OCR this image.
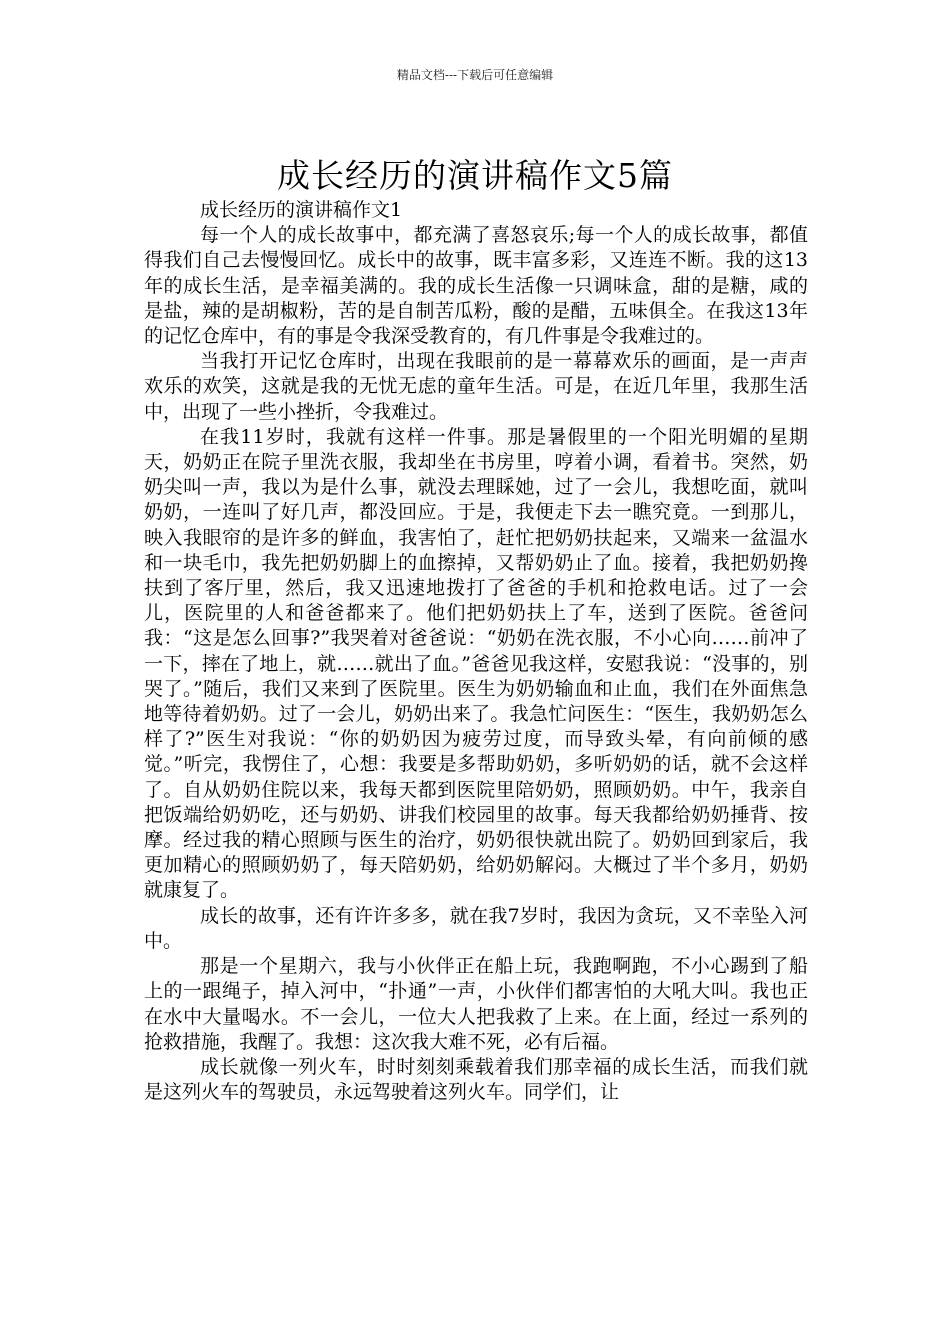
精品文档---下载后可任意编辑
成长经历的演讲稿作文5篇

成长经历的演讲稿作文1

每一个人的成长故事中，都充满了喜怒哀乐;每一个人的成长故事，都值得我们自己去慢慢回忆。成长中的故事，既丰富多彩，又连连不断。我的这13年的成长生活，是幸福美满的。我的成长生活像一只调味盒，甜的是糖，咸的是盐，辣的是胡椒粉，苦的是自制苦瓜粉，酸的是醋，五味俱全。在我这13年的记忆仓库中，有的事是令我深受教育的，有几件事是令我难过的。

当我打开记忆仓库时，出现在我眼前的是一幕幕欢乐的画面，是一声声欢乐的欢笑，这就是我的无忧无虑的童年生活。可是，在近几年里，我那生活中，出现了一些小挫折，令我难过。

在我11岁时，我就有这样一件事。那是暑假里的一个阳光明媚的星期天，奶奶正在院子里洗衣服，我却坐在书房里，哼着小调，看着书。突然，奶奶尖叫一声，我以为是什么事，就没去理睬她，过了一会儿，我想吃面，就叫奶奶，一连叫了好几声，都没回应。于是，我便走下去一瞧究竟。一到那儿，映入我眼帘的是许多的鲜血，我害怕了，赶忙把奶奶扶起来，又端来一盆温水和一块毛巾，我先把奶奶脚上的血擦掉，又帮奶奶止了血。接着，我把奶奶搀扶到了客厅里，然后，我又迅速地拨打了爸爸的手机和抢救电话。过了一会儿，医院里的人和爸爸都来了。他们把奶奶扶上了车，送到了医院。爸爸问我：“这是怎么回事?”我哭着对爸爸说：“奶奶在洗衣服，不小心向……前冲了一下，摔在了地上，就……就出了血。”爸爸见我这样，安慰我说：“没事的，别哭了。”随后，我们又来到了医院里。医生为奶奶输血和止血，我们在外面焦急地等待着奶奶。过了一会儿，奶奶出来了。我急忙问医生：“医生，我奶奶怎么样了?”医生对我说：“你的奶奶因为疲劳过度，而导致头晕，有向前倾的感觉。”听完，我愣住了，心想：我要是多帮助奶奶，多听奶奶的话，就不会这样了。自从奶奶住院以来，我每天都到医院里陪奶奶，照顾奶奶。中午，我亲自把饭端给奶奶吃，还与奶奶、讲我们校园里的故事。每天我都给奶奶捶背、按摩。经过我的精心照顾与医生的治疗，奶奶很快就出院了。奶奶回到家后，我更加精心的照顾奶奶了，每天陪奶奶，给奶奶解闷。大概过了半个多月，奶奶就康复了。

成长的故事，还有许许多多，就在我7岁时，我因为贪玩，又不幸坠入河中。

那是一个星期六，我与小伙伴正在船上玩，我跑啊跑，不小心踢到了船上的一跟绳子，掉入河中，“扑通”一声，小伙伴们都害怕的大吼大叫。我也正在水中大量喝水。不一会儿，一位大人把我救了上来。在上面，经过一系列的抢救措施，我醒了。我想：这次我大难不死，必有后福。

成长就像一列火车，时时刻刻乘载着我们那幸福的成长生活，而我们就是这列火车的驾驶员，永远驾驶着这列火车。同学们，让
